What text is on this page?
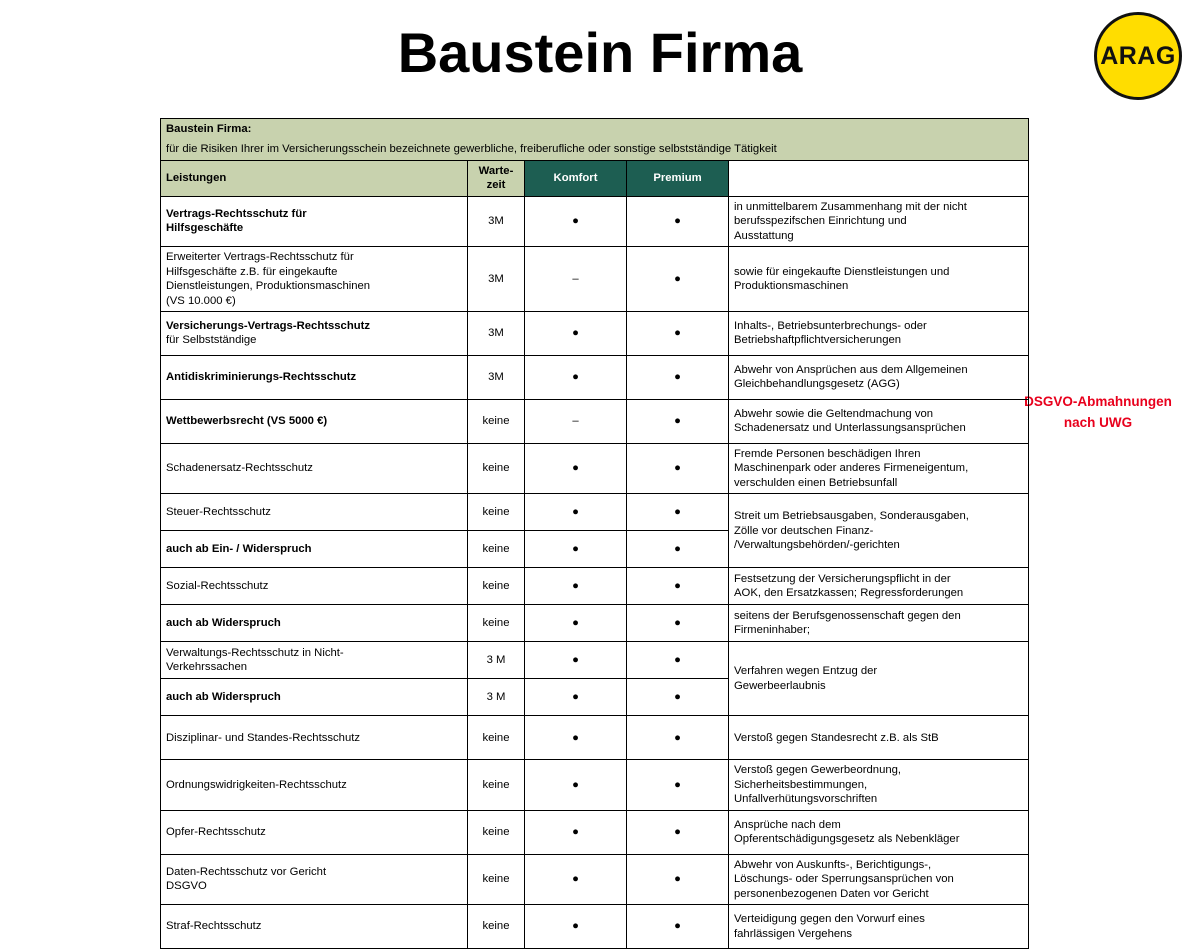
Baustein Firma	ARAG
DSGVO-Abmahnungen
nach UWG
Baustein Firma:				
für die Risiken Ihrer im Versicherungsschein bezeichnete gewerbliche, freiberufliche oder sonstige selbstständige Tätigkeit				
Leistungen	Warte-
zeit	Komfort	Premium	
Vertrags-Rechtsschutz für
Hilfsgeschäfte	3M	●	●	in unmittelbarem Zusammenhang mit der nicht
berufsspezifschen Einrichtung und
Ausstattung
Erweiterter Vertrags-Rechtsschutz für
Hilfsgeschäfte z.B. für eingekaufte
Dienstleistungen, Produktionsmaschinen
(VS 10.000 €)	3M	–	●	sowie für eingekaufte Dienstleistungen und
Produktionsmaschinen
Versicherungs-Vertrags-Rechtsschutz
für Selbstständige	3M	●	●	Inhalts-, Betriebsunterbrechungs- oder
Betriebshaftpflichtversicherungen
Antidiskriminierungs-Rechtsschutz	3M	●	●	Abwehr von Ansprüchen aus dem Allgemeinen
Gleichbehandlungsgesetz (AGG)
Wettbewerbsrecht (VS 5000 €)	keine	–	●	Abwehr sowie die Geltendmachung von
Schadenersatz und Unterlassungsansprüchen
Schadenersatz-Rechtsschutz	keine	●	●	Fremde Personen beschädigen Ihren
Maschinenpark oder anderes Firmeneigentum,
verschulden einen Betriebsunfall
Steuer-Rechtsschutz	keine	●	●	Streit um Betriebsausgaben, Sonderausgaben,
Zölle vor deutschen Finanz-
/Verwaltungsbehörden/-gerichten
auch ab Ein- / Widerspruch	keine	●	●	
Sozial-Rechtsschutz	keine	●	●	Festsetzung der Versicherungspflicht in der
AOK, den Ersatzkassen; Regressforderungen
auch ab Widerspruch	keine	●	●	seitens der Berufsgenossenschaft gegen den
Firmeninhaber;
Verwaltungs-Rechtsschutz in Nicht-
Verkehrssachen	3 M	●	●	Verfahren wegen Entzug der
Gewerbeerlaubnis
auch ab Widerspruch	3 M	●	●	
Disziplinar- und Standes-Rechtsschutz	keine	●	●	Verstoß gegen Standesrecht z.B. als StB
Ordnungswidrigkeiten-Rechtsschutz	keine	●	●	Verstoß gegen Gewerbeordnung,
Sicherheitsbestimmungen,
Unfallverhütungsvorschriften
Opfer-Rechtsschutz	keine	●	●	Ansprüche nach dem
Opferentschädigungsgesetz als Nebenkläger
Daten-Rechtsschutz vor Gericht
DSGVO	keine	●	●	Abwehr von Auskunfts-, Berichtigungs-,
Löschungs- oder Sperrungsansprüchen von
personenbezogenen Daten vor Gericht
Straf-Rechtsschutz	keine	●	●	Verteidigung gegen den Vorwurf eines
fahrlässigen Vergehens
